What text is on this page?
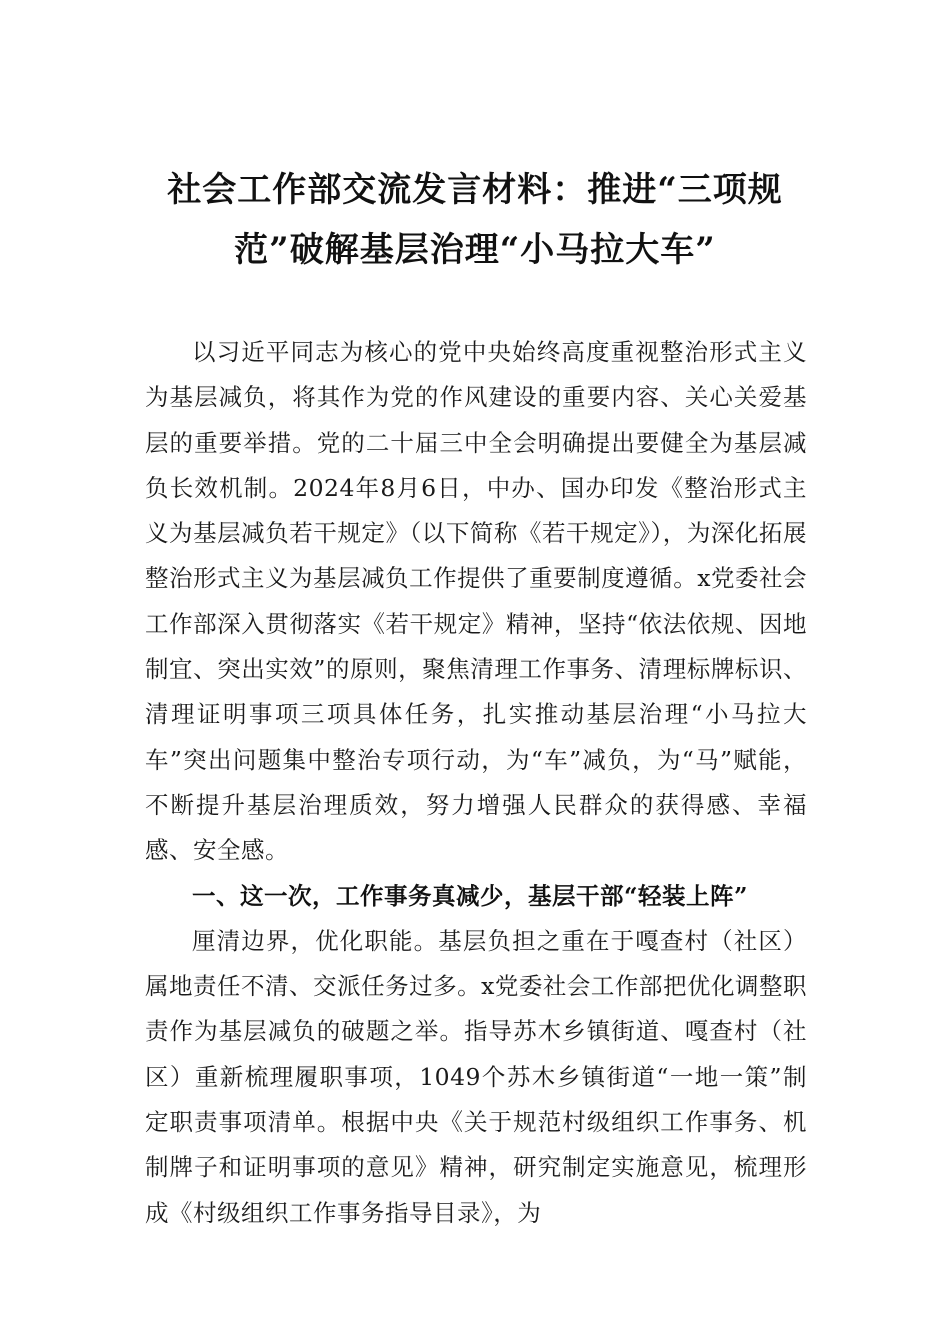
社会工作部交流发言材料：推进“三项规范”破解基层治理“小马拉大车”

以习近平同志为核心的党中央始终高度重视整治形式主义为基层减负，将其作为党的作风建设的重要内容、关心关爱基层的重要举措。党的二十届三中全会明确提出要健全为基层减负长效机制。2024年8月6日，中办、国办印发《整治形式主义为基层减负若干规定》（以下简称《若干规定》），为深化拓展整治形式主义为基层减负工作提供了重要制度遵循。x党委社会工作部深入贯彻落实《若干规定》精神，坚持“依法依规、因地制宜、突出实效”的原则，聚焦清理工作事务、清理标牌标识、清理证明事项三项具体任务，扎实推动基层治理“小马拉大车”突出问题集中整治专项行动，为“车”减负，为“马”赋能，不断提升基层治理质效，努力增强人民群众的获得感、幸福感、安全感。

一、这一次，工作事务真减少，基层干部“轻装上阵”

厘清边界，优化职能。基层负担之重在于嘎查村（社区）属地责任不清、交派任务过多。x党委社会工作部把优化调整职责作为基层减负的破题之举。指导苏木乡镇街道、嘎查村（社区）重新梳理履职事项，1049个苏木乡镇街道“一地一策”制定职责事项清单。根据中央《关于规范村级组织工作事务、机制牌子和证明事项的意见》精神，研究制定实施意见，梳理形成《村级组织工作事务指导目录》，为
